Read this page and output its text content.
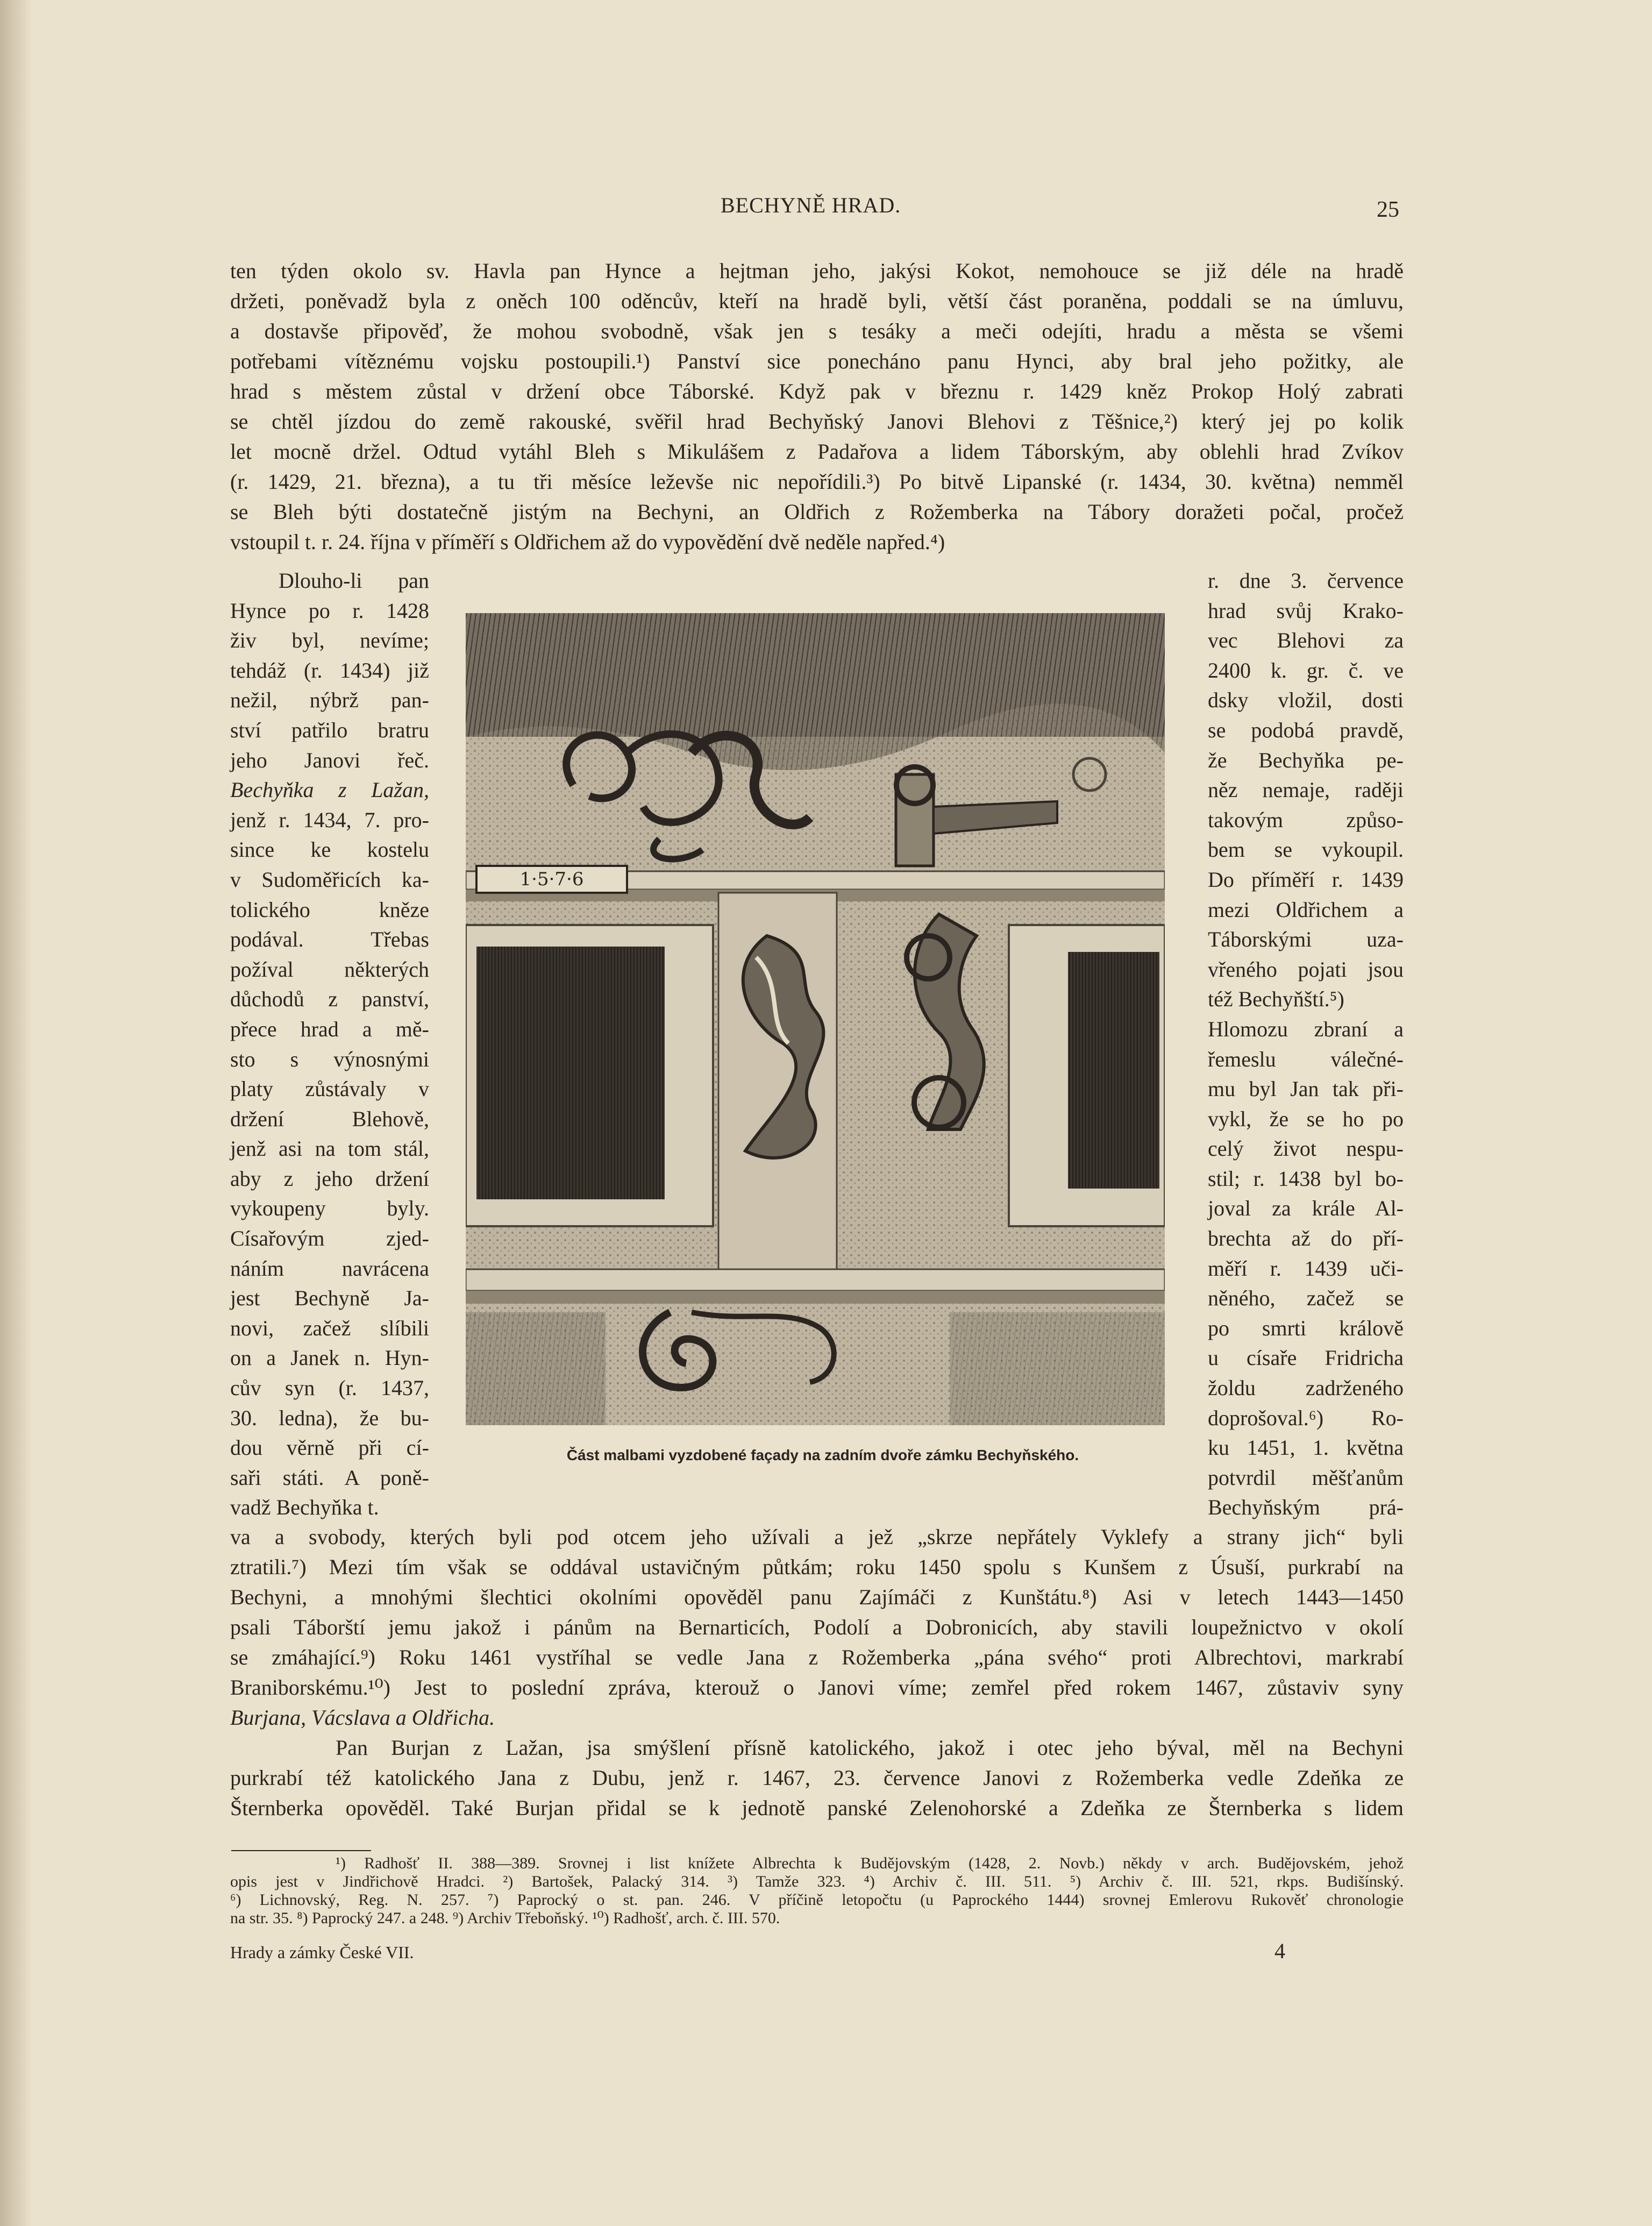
BECHYNĚ HRAD.	25
ten týden okolo sv. Havla pan Hynce a hejtman jeho, jakýsi Kokot, nemohouce se již déle na hradě
držeti, poněvadž byla z oněch 100 oděncův, kteří na hradě byli, větší část poraněna, poddali se na úmluvu,
a dostavše připověď, že mohou svobodně, však jen s tesáky a meči odejíti, hradu a města se všemi
potřebami vítěznému vojsku postoupili.¹) Panství sice ponecháno panu Hynci, aby bral jeho požitky, ale
hrad s městem zůstal v držení obce Táborské. Když pak v březnu r. 1429 kněz Prokop Holý zabrati
se chtěl jízdou do země rakouské, svěřil hrad Bechyňský Janovi Blehovi z Těšnice,²) který jej po kolik
let mocně držel. Odtud vytáhl Bleh s Mikulášem z Padařova a lidem Táborským, aby oblehli hrad Zvíkov
(r. 1429, 21. března), a tu tři měsíce leževše nic nepořídili.³) Po bitvě Lipanské (r. 1434, 30. května) nemměl
se Bleh býti dostatečně jistým na Bechyni, an Oldřich z Rožemberka na Tábory doražeti počal, pročež
vstoupil t. r. 24. října v příměří s Oldřichem až do vypovědění dvě neděle napřed.⁴)
Dlouho-li pan
Hynce po r. 1428
živ byl, nevíme;
tehdáž (r. 1434) již
nežil, nýbrž pan-
ství patřilo bratru
jeho Janovi řeč.
Bechyňka z Lažan,
jenž r. 1434, 7. pro-
since ke kostelu
v Sudoměřicích ka-
tolického kněze
podával. Třebas
požíval některých
důchodů z panství,
přece hrad a mě-
sto s výnosnými
platy zůstávaly v
držení Blehově,
jenž asi na tom stál,
aby z jeho držení
vykoupeny byly.
Císařovým zjed-
náním navrácena
jest Bechyně Ja-
novi, začež slíbili
on a Janek n. Hyn-
cův syn (r. 1437,
30. ledna), že bu-
dou věrně při cí-
saři státi. A poně-
vadž Bechyňka t.
1·5·7·6
r. dne 3. července
hrad svůj Krako-
vec Blehovi za
2400 k. gr. č. ve
dsky vložil, dosti
se podobá pravdě,
že Bechyňka pe-
něz nemaje, raději
takovým způso-
bem se vykoupil.
Do příměří r. 1439
mezi Oldřichem a
Táborskými uza-
vřeného pojati jsou
též Bechyňští.⁵)
Hlomozu zbraní a
řemeslu válečné-
mu byl Jan tak při-
vykl, že se ho po
celý život nespu-
stil; r. 1438 byl bo-
joval za krále Al-
brechta až do pří-
měří r. 1439 uči-
něného, začež se
po smrti královĕ
u císaře Fridricha
žoldu zadrženého
doprošoval.⁶) Ro-
ku 1451, 1. května
potvrdil měšťanům
Bechyňským prá-
Část malbami vyzdobené façady na zadním dvoře zámku Bechyňského.
va a svobody, kterých byli pod otcem jeho užívali a jež „skrze nepřátely Vyklefy a strany jich“ byli
ztratili.⁷) Mezi tím však se oddával ustavičným půtkám; roku 1450 spolu s Kunšem z Úsuší, purkrabí na
Bechyni, a mnohými šlechtici okolními opověděl panu Zajímáči z Kunštátu.⁸) Asi v letech 1443—1450
psali Táborští jemu jakož i pánům na Bernarticích, Podolí a Dobronicích, aby stavili loupežnictvo v okolí
se zmáhající.⁹) Roku 1461 vystříhal se vedle Jana z Rožemberka „pána svého“ proti Albrechtovi, markrabí
Braniborskému.¹⁰) Jest to poslední zpráva, kterouž o Janovi víme; zemřel před rokem 1467, zůstaviv syny
Burjana, Vácslava a Oldřicha.
Pan Burjan z Lažan, jsa smýšlení přísně katolického, jakož i otec jeho býval, měl na Bechyni
purkrabí též katolického Jana z Dubu, jenž r. 1467, 23. července Janovi z Rožemberka vedle Zdeňka ze
Šternberka opověděl. Také Burjan přidal se k jednotě panské Zelenohorské a Zdeňka ze Šternberka s lidem
¹) Radhošť II. 388—389. Srovnej i list knížete Albrechta k Budějovským (1428, 2. Novb.) někdy v arch. Budějovském, jehož
opis jest v Jindřichově Hradci. ²) Bartošek, Palacký 314. ³) Tamže 323. ⁴) Archiv č. III. 511. ⁵) Archiv č. III. 521, rkps. Budišínský.
⁶) Lichnovský, Reg. N. 257. ⁷) Paprocký o st. pan. 246. V příčině letopočtu (u Paprockého 1444) srovnej Emlerovu Rukověť chronologie
na str. 35. ⁸) Paprocký 247. a 248. ⁹) Archiv Třeboňský. ¹⁰) Radhošť, arch. č. III. 570.
Hrady a zámky České VII.	4
